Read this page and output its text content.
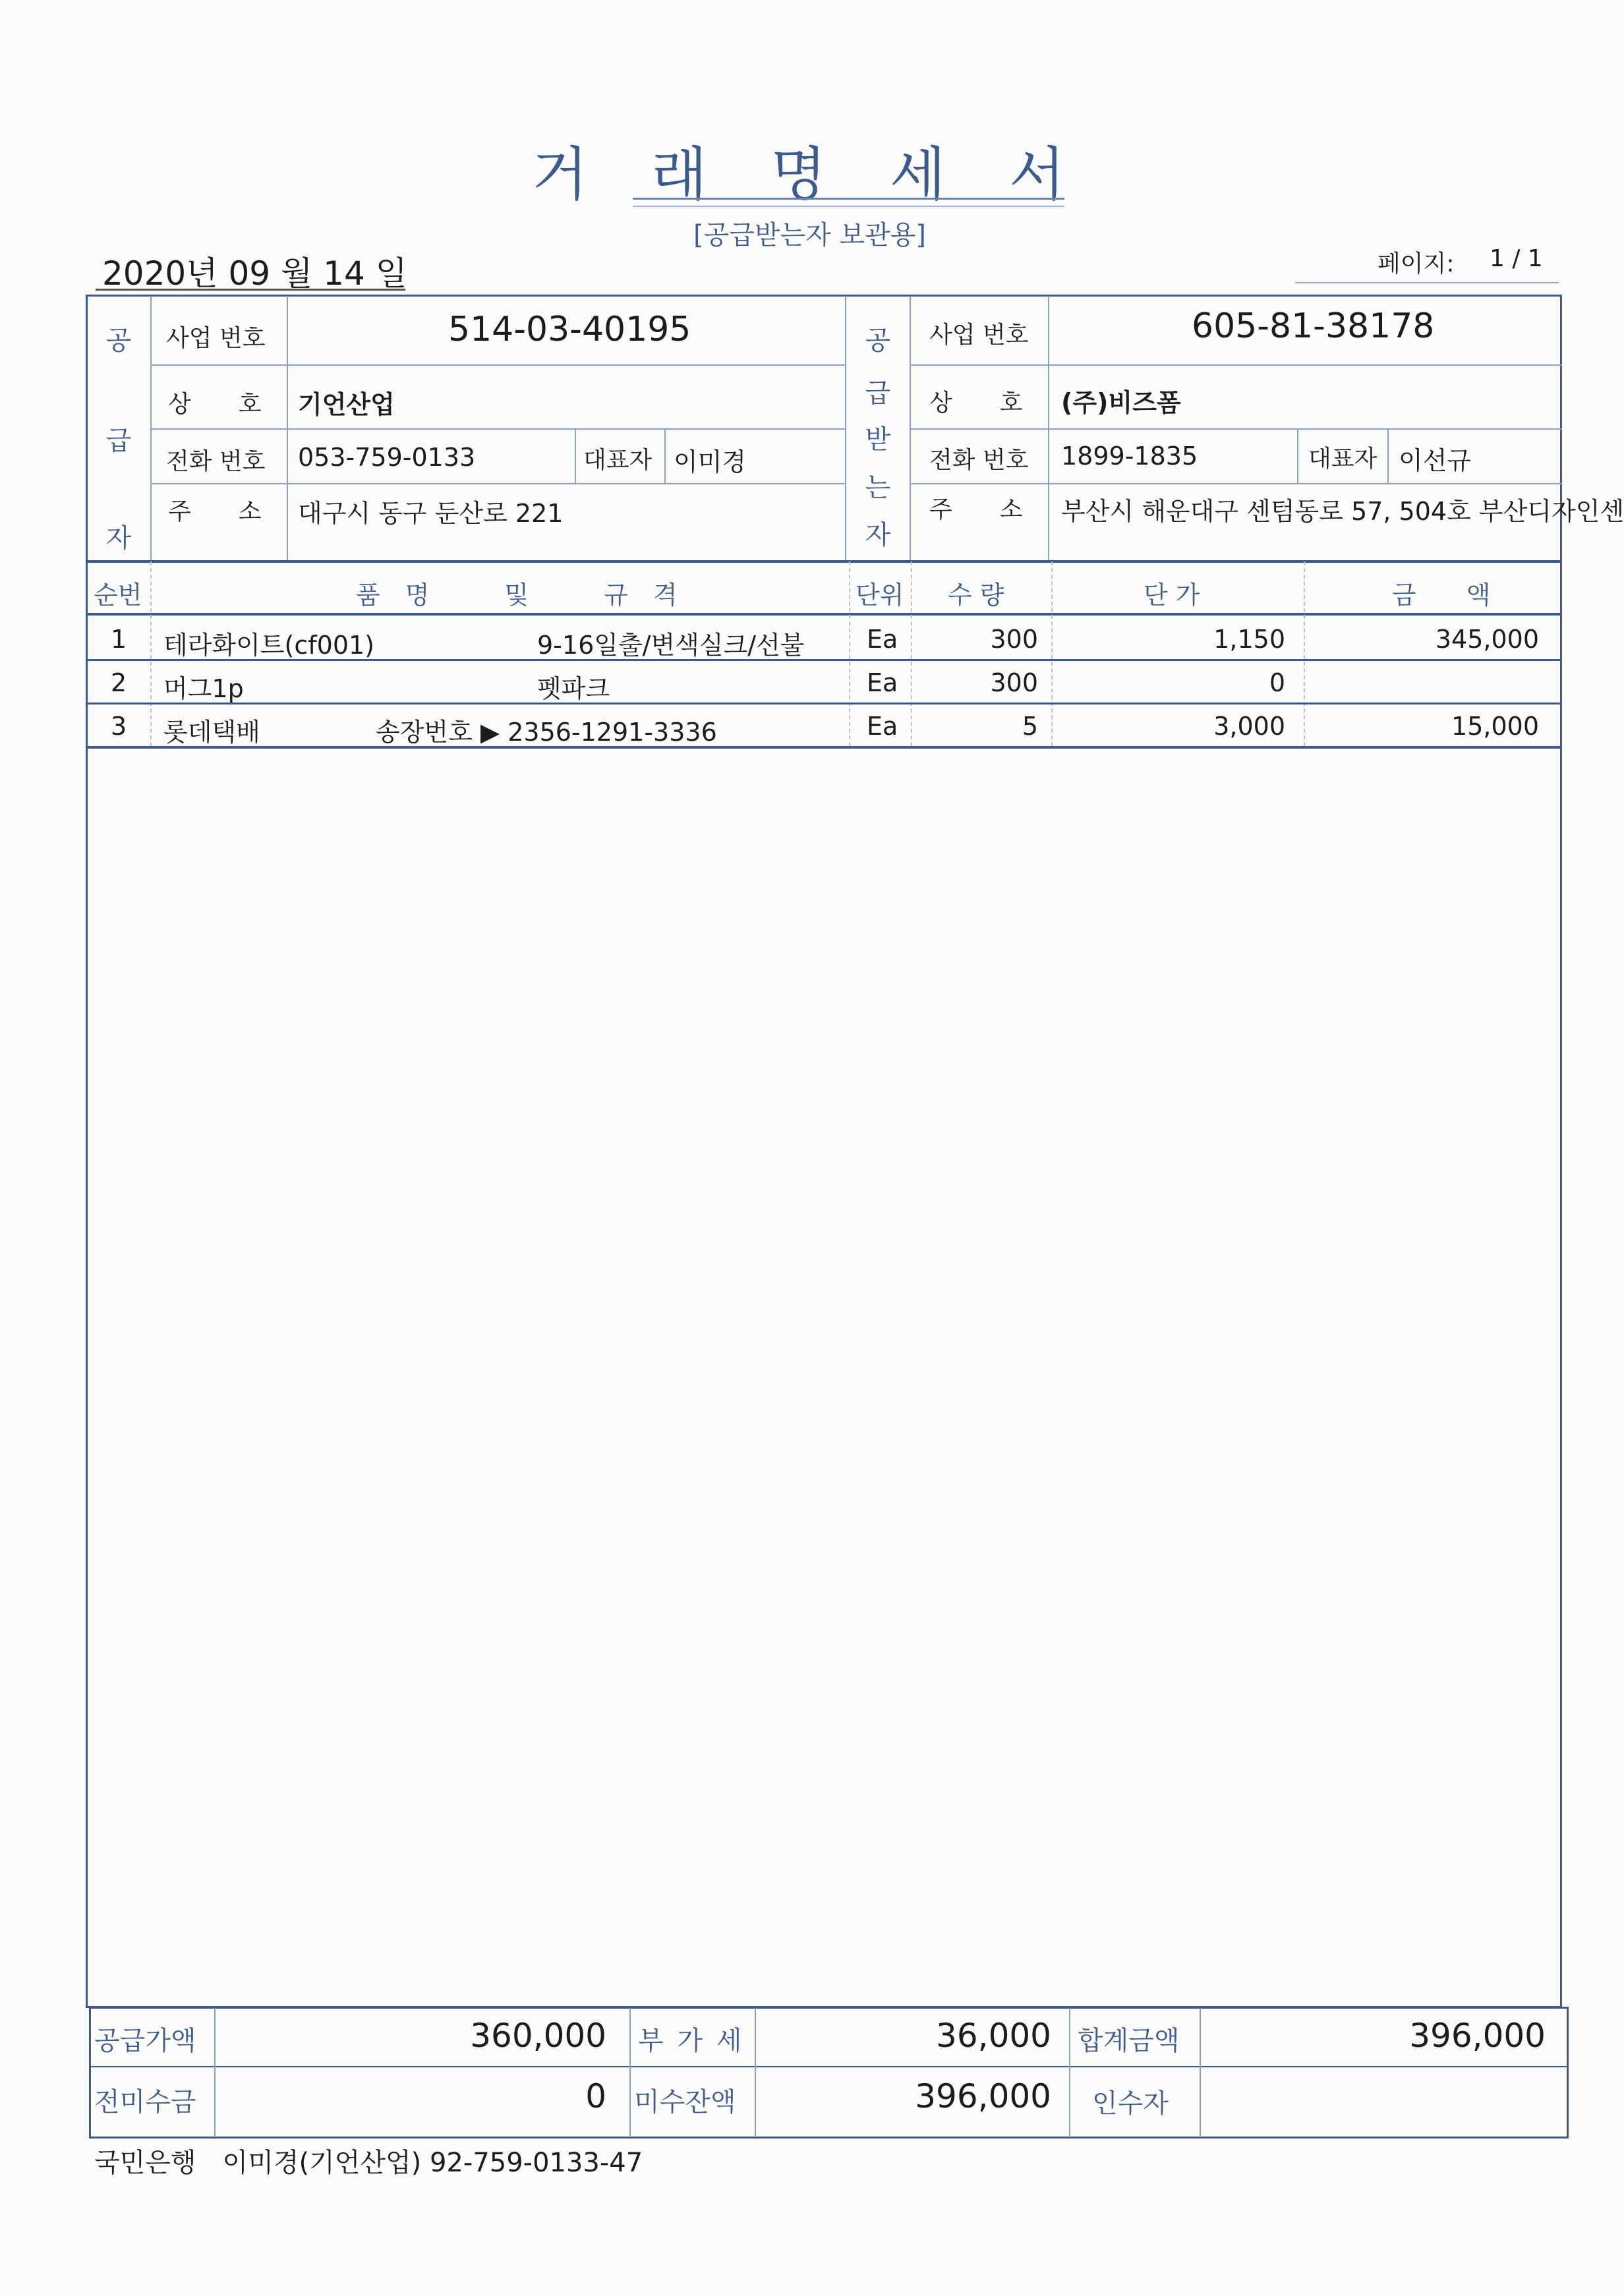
거 래 명 세 서
[공급받는자 보관용]
2020년 09 월 14 일	페이지: 1 / 1
공
급
자
사업 번호	514-03-40195
상　　호 기언산업
전화 번호 053-759-0133	대표자 이미경
주　　소 대구시 동구 둔산로 221
공
급
받
는
자
사업 번호	605-81-38178
상　　호 (주)비즈폼
전화 번호 1899-1835	대표자 이선규
주　　소 부산시 해운대구 센텀동로 57, 504호 부산디자인센
순번	품　명　　　및　　　규　격	단위 수 량	단 가	금　　액
1 테라화이트(cf001)	9-16일출/변색실크/선불 Ea	300	1,150	345,000
2 머그1p	펫파크	Ea	300	0
3 롯데택배	송장번호 ▶ 2356-1291-3336	Ea	5	3,000	15,000
공급가액	360,000 부 가 세	36,000 합계금액	396,000
전미수금	0 미수잔액	396,000 인수자
국민은행　이미경(기언산업) 92-759-0133-47
